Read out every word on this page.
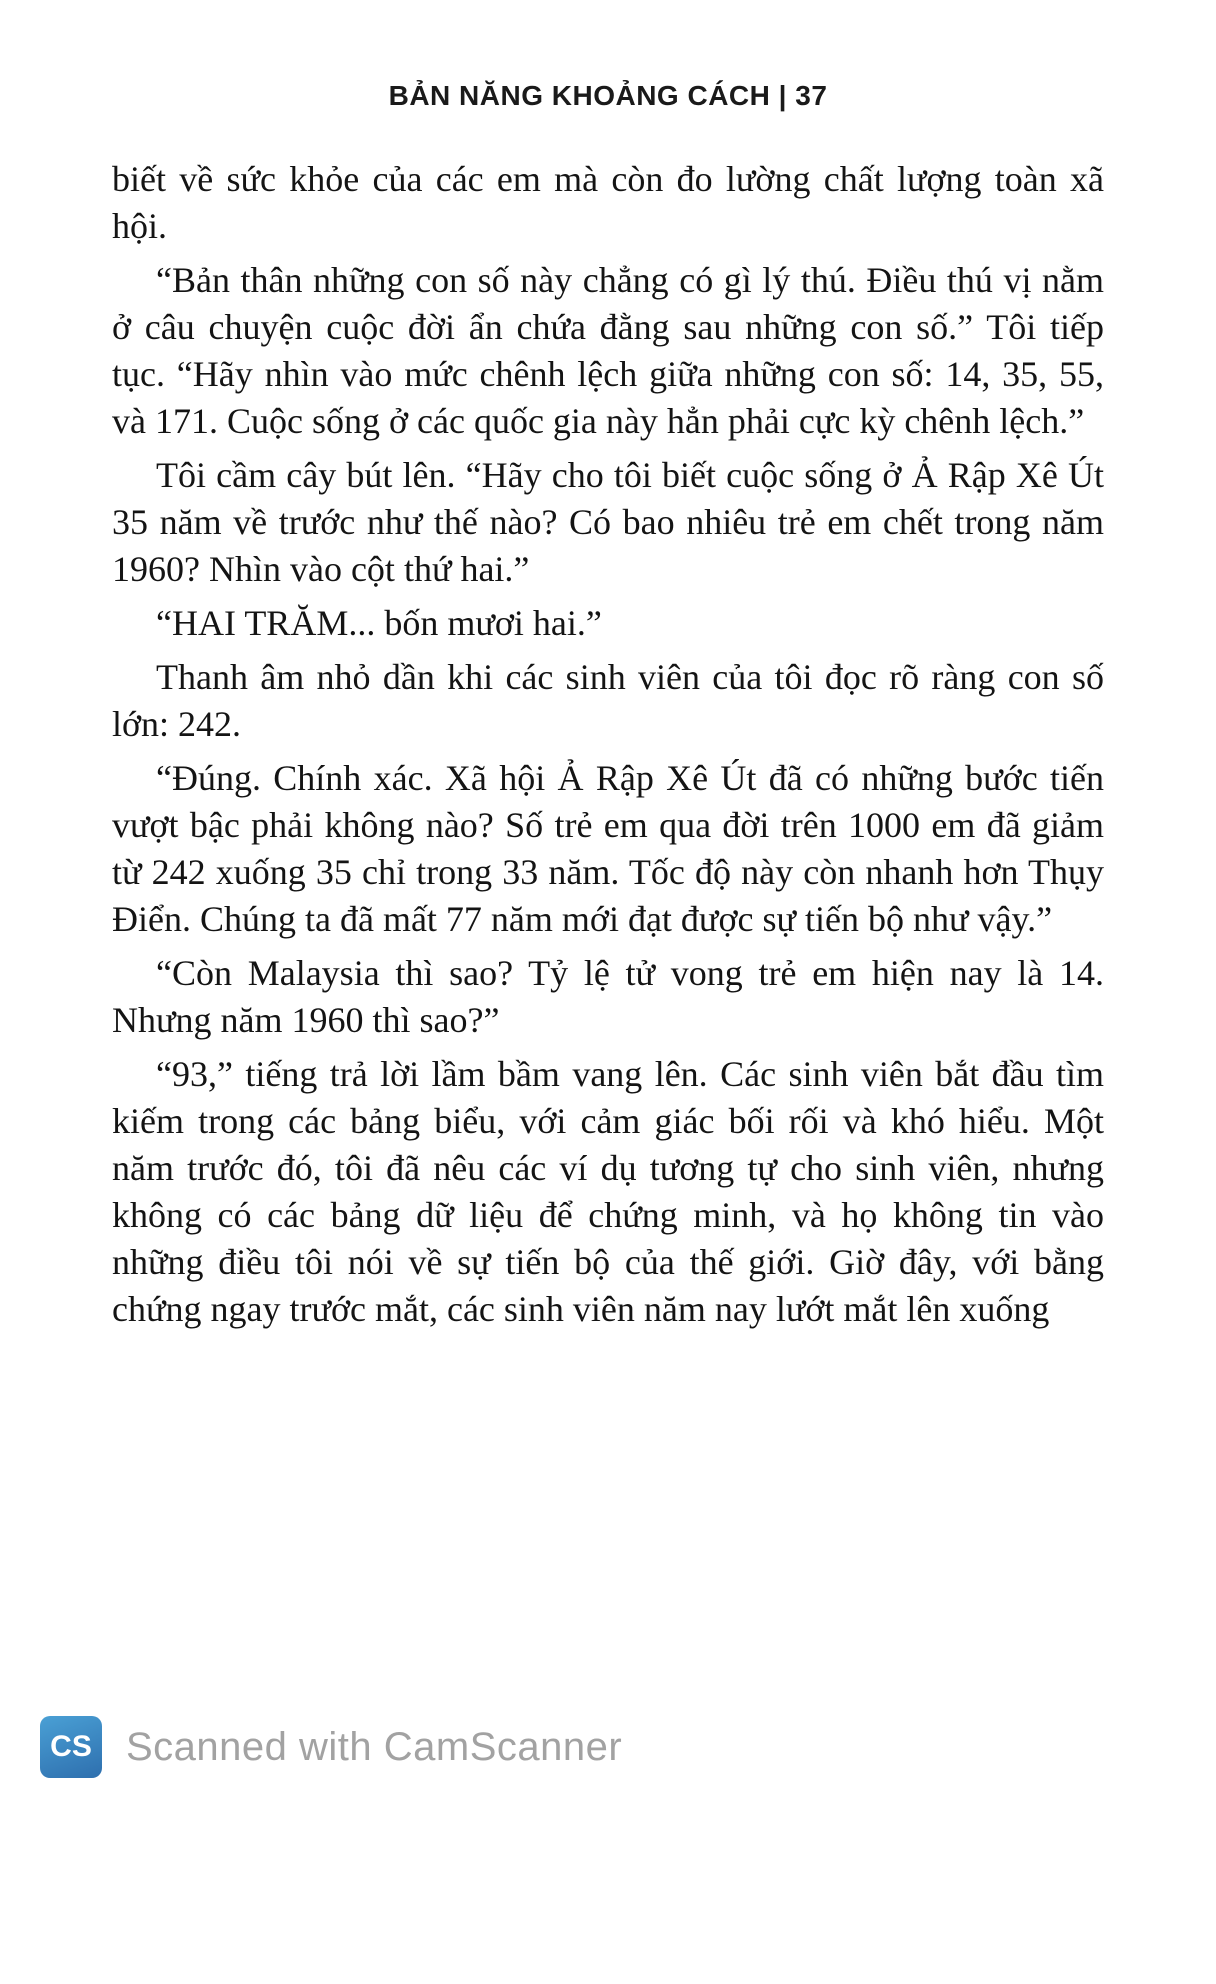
BẢN NĂNG KHOẢNG CÁCH | 37

biết về sức khỏe của các em mà còn đo lường chất lượng toàn xã hội.

“Bản thân những con số này chẳng có gì lý thú. Điều thú vị nằm ở câu chuyện cuộc đời ẩn chứa đằng sau những con số.” Tôi tiếp tục. “Hãy nhìn vào mức chênh lệch giữa những con số: 14, 35, 55, và 171. Cuộc sống ở các quốc gia này hẳn phải cực kỳ chênh lệch.”

Tôi cầm cây bút lên. “Hãy cho tôi biết cuộc sống ở Ả Rập Xê Út 35 năm về trước như thế nào? Có bao nhiêu trẻ em chết trong năm 1960? Nhìn vào cột thứ hai.”

“HAI TRĂM... bốn mươi hai.”

Thanh âm nhỏ dần khi các sinh viên của tôi đọc rõ ràng con số lớn: 242.

“Đúng. Chính xác. Xã hội Ả Rập Xê Út đã có những bước tiến vượt bậc phải không nào? Số trẻ em qua đời trên 1000 em đã giảm từ 242 xuống 35 chỉ trong 33 năm. Tốc độ này còn nhanh hơn Thụy Điển. Chúng ta đã mất 77 năm mới đạt được sự tiến bộ như vậy.”

“Còn Malaysia thì sao? Tỷ lệ tử vong trẻ em hiện nay là 14. Nhưng năm 1960 thì sao?”

“93,” tiếng trả lời lầm bầm vang lên. Các sinh viên bắt đầu tìm kiếm trong các bảng biểu, với cảm giác bối rối và khó hiểu. Một năm trước đó, tôi đã nêu các ví dụ tương tự cho sinh viên, nhưng không có các bảng dữ liệu để chứng minh, và họ không tin vào những điều tôi nói về sự tiến bộ của thế giới. Giờ đây, với bằng chứng ngay trước mắt, các sinh viên năm nay lướt mắt lên xuống

CS Scanned with CamScanner
